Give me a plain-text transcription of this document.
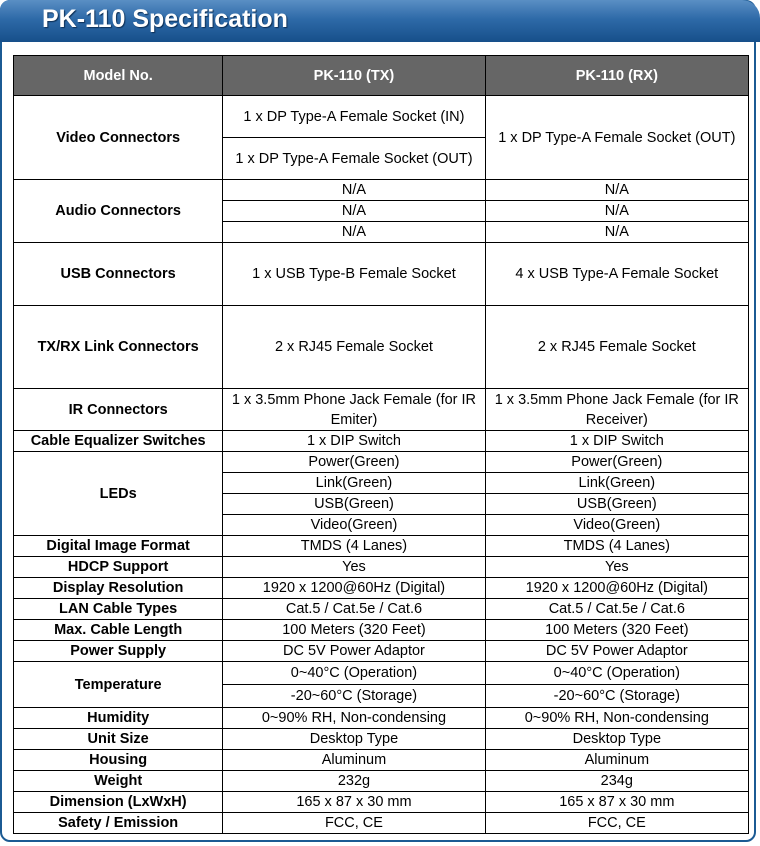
PK-110 Specification
Model No.	PK-110 (TX)	PK-110 (RX)
Video Connectors	1 x DP Type-A Female Socket (IN)	1 x DP Type-A Female Socket (OUT)
	1 x DP Type-A Female Socket (OUT)	
Audio Connectors	N/A	N/A
	N/A	N/A
	N/A	N/A
USB Connectors	1 x USB Type-B Female Socket	4 x USB Type-A Female Socket
TX/RX Link Connectors	2 x RJ45 Female Socket	2 x RJ45 Female Socket
IR Connectors	1 x 3.5mm Phone Jack Female (for IR Emiter)	1 x 3.5mm Phone Jack Female (for IR Receiver)
Cable Equalizer Switches	1 x DIP Switch	1 x DIP Switch
LEDs	Power(Green)	Power(Green)
	Link(Green)	Link(Green)
	USB(Green)	USB(Green)
	Video(Green)	Video(Green)
Digital Image Format	TMDS (4 Lanes)	TMDS (4 Lanes)
HDCP Support	Yes	Yes
Display Resolution	1920 x 1200@60Hz (Digital)	1920 x 1200@60Hz (Digital)
LAN Cable Types	Cat.5 / Cat.5e / Cat.6	Cat.5 / Cat.5e / Cat.6
Max. Cable Length	100 Meters (320 Feet)	100 Meters (320 Feet)
Power Supply	DC 5V Power Adaptor	DC 5V Power Adaptor
Temperature	0~40°C (Operation)	0~40°C (Operation)
	-20~60°C (Storage)	-20~60°C (Storage)
Humidity	0~90% RH, Non-condensing	0~90% RH, Non-condensing
Unit Size	Desktop Type	Desktop Type
Housing	Aluminum	Aluminum
Weight	232g	234g
Dimension (LxWxH)	165 x 87 x 30 mm	165 x 87 x 30 mm
Safety / Emission	FCC, CE	FCC, CE
